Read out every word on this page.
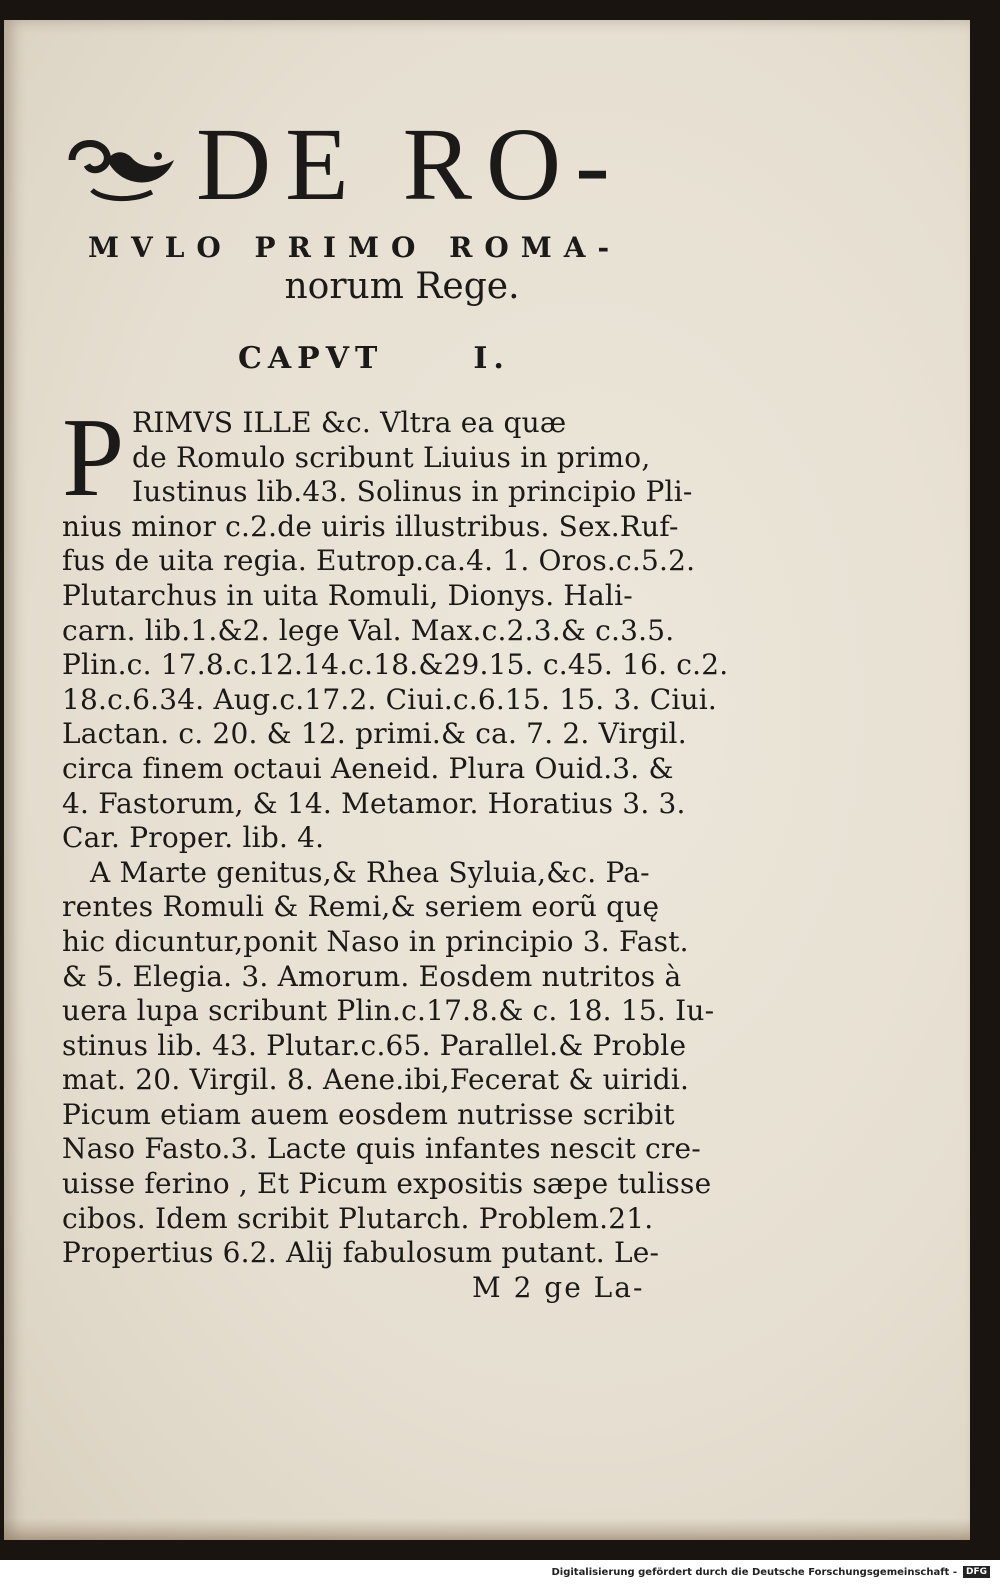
DE RO-
MVLO PRIMO ROMA-
norum Rege.
CAPVT	I.
P RIMVS ILLE &c. Vltra ea quæ
de Romulo scribunt Liuius in primo,
Iustinus lib.43. Solinus in principio Pli-
nius minor c.2.de uiris illustribus. Sex.Ruf-
fus de uita regia. Eutrop.ca.4. 1. Oros.c.5.2.
Plutarchus in uita Romuli, Dionys. Hali-
carn. lib.1.&2. lege Val. Max.c.2.3.& c.3.5.
Plin.c. 17.8.c.12.14.c.18.&29.15. c.45. 16. c.2.
18.c.6.34. Aug.c.17.2. Ciui.c.6.15. 15. 3. Ciui.
Lactan. c. 20. & 12. primi.& ca. 7. 2. Virgil.
circa finem octaui Aeneid. Plura Ouid.3. &
4. Fastorum, & 14. Metamor. Horatius 3. 3.
Car. Proper. lib. 4.
A Marte genitus,& Rhea Syluia,&c. Pa-
rentes Romuli & Remi,& seriem eorũ quę
hic dicuntur,ponit Naso in principio 3. Fast.
& 5. Elegia. 3. Amorum. Eosdem nutritos à
uera lupa scribunt Plin.c.17.8.& c. 18. 15. Iu-
stinus lib. 43. Plutar.c.65. Parallel.& Proble
mat. 20. Virgil. 8. Aene.ibi,Fecerat & uiridi.
Picum etiam auem eosdem nutrisse scribit
Naso Fasto.3. Lacte quis infantes nescit cre-
uisse ferino , Et Picum expositis sæpe tulisse
cibos. Idem scribit Plutarch. Problem.21.
Propertius 6.2. Alij fabulosum putant. Le-
M 2 ge La-
Digitalisierung gefördert durch die Deutsche Forschungsgemeinschaft -	DFG
